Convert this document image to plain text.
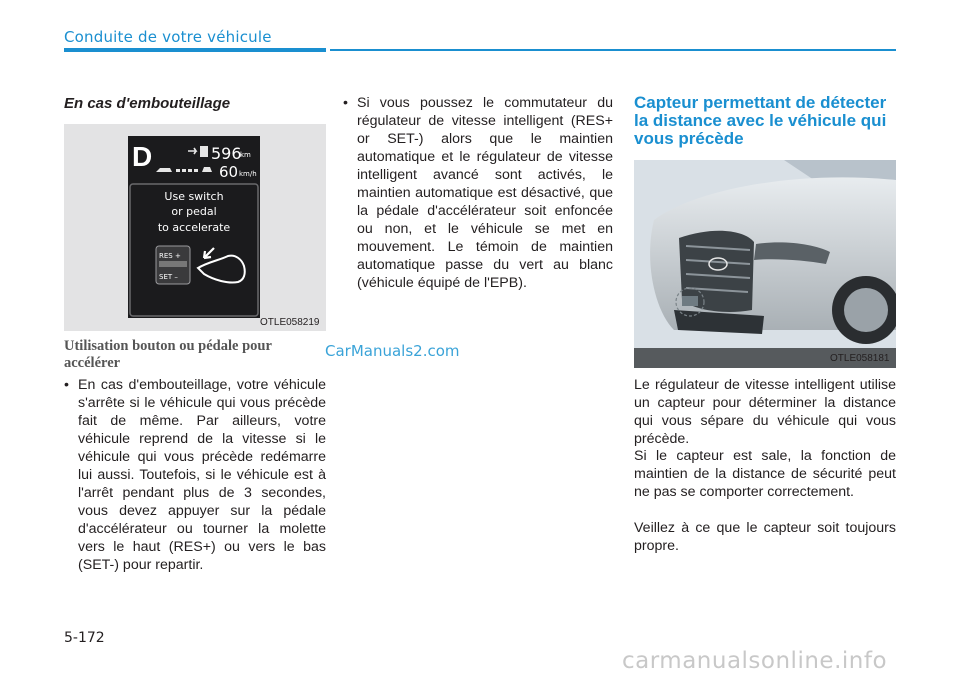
Conduite de votre véhicule
En cas d'embouteillage
D	596
km
60 km/h
Use switch
or pedal
to accelerate
RES +
SET –
OTLE058219
Utilisation bouton ou pédale pour accélérer
• En cas d'embouteillage, votre véhicule s'arrête si le véhicule qui vous précède fait de même. Par ailleurs, votre véhicule reprend de la vitesse si le véhicule qui vous précède redémarre lui aussi. Toutefois, si le véhicule est à l'arrêt pendant plus de 3 secondes, vous devez appuyer sur la pédale d'accélérateur ou tourner la molette vers le haut (RES+) ou vers le bas (SET-) pour repartir.
CarManuals2.com
• Si vous poussez le commutateur du régulateur de vitesse intelligent (RES+ or SET-) alors que le maintien automatique et le régulateur de vitesse intelligent avancé sont activés, le maintien automatique est désactivé, que la pédale d'accélérateur soit enfoncée ou non, et le véhicule se met en mouvement. Le témoin de maintien automatique passe du vert au blanc (véhicule équipé de l'EPB).
Capteur permettant de détecter la distance avec le véhicule qui vous précède
OTLE058181
Le régulateur de vitesse intelligent utilise un capteur pour déterminer la distance qui vous sépare du véhicule qui vous précède.
Si le capteur est sale, la fonction de maintien de la distance de sécurité peut ne pas se comporter correctement.
Veillez à ce que le capteur soit toujours propre.
5-172
carmanualsonline.info
